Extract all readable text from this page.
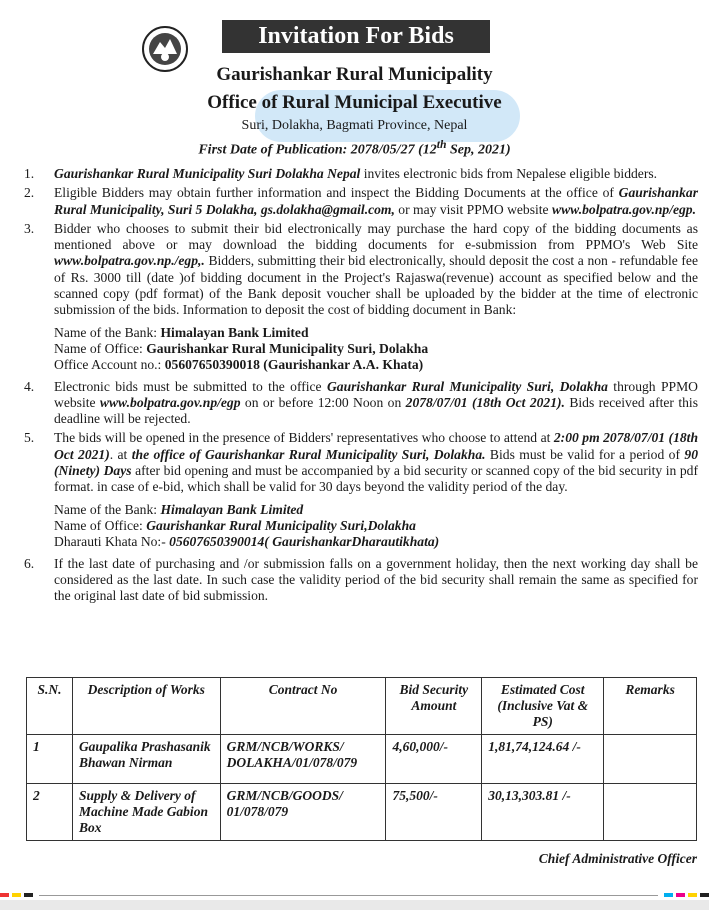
Invitation For Bids
Gaurishankar Rural Municipality
Office of Rural Municipal Executive
Suri, Dolakha, Bagmati Province, Nepal
First Date of Publication: 2078/05/27 (12th Sep, 2021)
1.	Gaurishankar Rural Municipality Suri Dolakha Nepal invites electronic bids from Nepalese eligible bidders.
2.	Eligible Bidders may obtain further information and inspect the Bidding Documents at the office of Gaurishankar Rural Municipality, Suri 5 Dolakha, gs.dolakha@gmail.com, or may visit PPMO website www.bolpatra.gov.np/egp.
3.	Bidder who chooses to submit their bid electronically may purchase the hard copy of the bidding documents as mentioned above or may download the bidding documents for e-submission from PPMO's Web Site www.bolpatra.gov.np./egp,. Bidders, submitting their bid electronically, should deposit the cost a non - refundable fee of Rs. 3000 till (date )of bidding document in the Project's Rajaswa(revenue) account as specified below and the scanned copy (pdf format) of the Bank deposit voucher shall be uploaded by the bidder at the time of electronic submission of the bids. Information to deposit the cost of bidding document in Bank:
Name of the Bank: Himalayan Bank Limited
Name of Office: Gaurishankar Rural Municipality Suri, Dolakha
Office Account no.: 05607650390018 (Gaurishankar A.A. Khata)
4.	Electronic bids must be submitted to the office Gaurishankar Rural Municipality Suri, Dolakha through PPMO website www.bolpatra.gov.np/egp on or before 12:00 Noon on 2078/07/01 (18th Oct 2021). Bids received after this deadline will be rejected.
5.	The bids will be opened in the presence of Bidders' representatives who choose to attend at 2:00 pm 2078/07/01 (18th Oct 2021). at the office of Gaurishankar Rural Municipality Suri, Dolakha. Bids must be valid for a period of 90 (Ninety) Days after bid opening and must be accompanied by a bid security or scanned copy of the bid security in pdf format. in case of e-bid, which shall be valid for 30 days beyond the validity period of the day.
Name of the Bank: Himalayan Bank Limited
Name of Office: Gaurishankar Rural Municipality Suri,Dolakha
Dharauti Khata No:- 05607650390014( GaurishankarDharautikhata)
6.	If the last date of purchasing and /or submission falls on a government holiday, then the next working day shall be considered as the last date. In such case the validity period of the bid security shall remain the same as specified for the original last date of bid submission.
S.N.	Description of Works	Contract No	Bid Security Amount	Estimated Cost (Inclusive Vat & PS)	Remarks
1	Gaupalika Prashasanik Bhawan Nirman	GRM/NCB/WORKS/ DOLAKHA/01/078/079	4,60,000/-	1,81,74,124.64 /-	
2	Supply & Delivery of Machine Made Gabion Box	GRM/NCB/GOODS/ 01/078/079	75,500/-	30,13,303.81 /-	
Chief Administrative Officer
